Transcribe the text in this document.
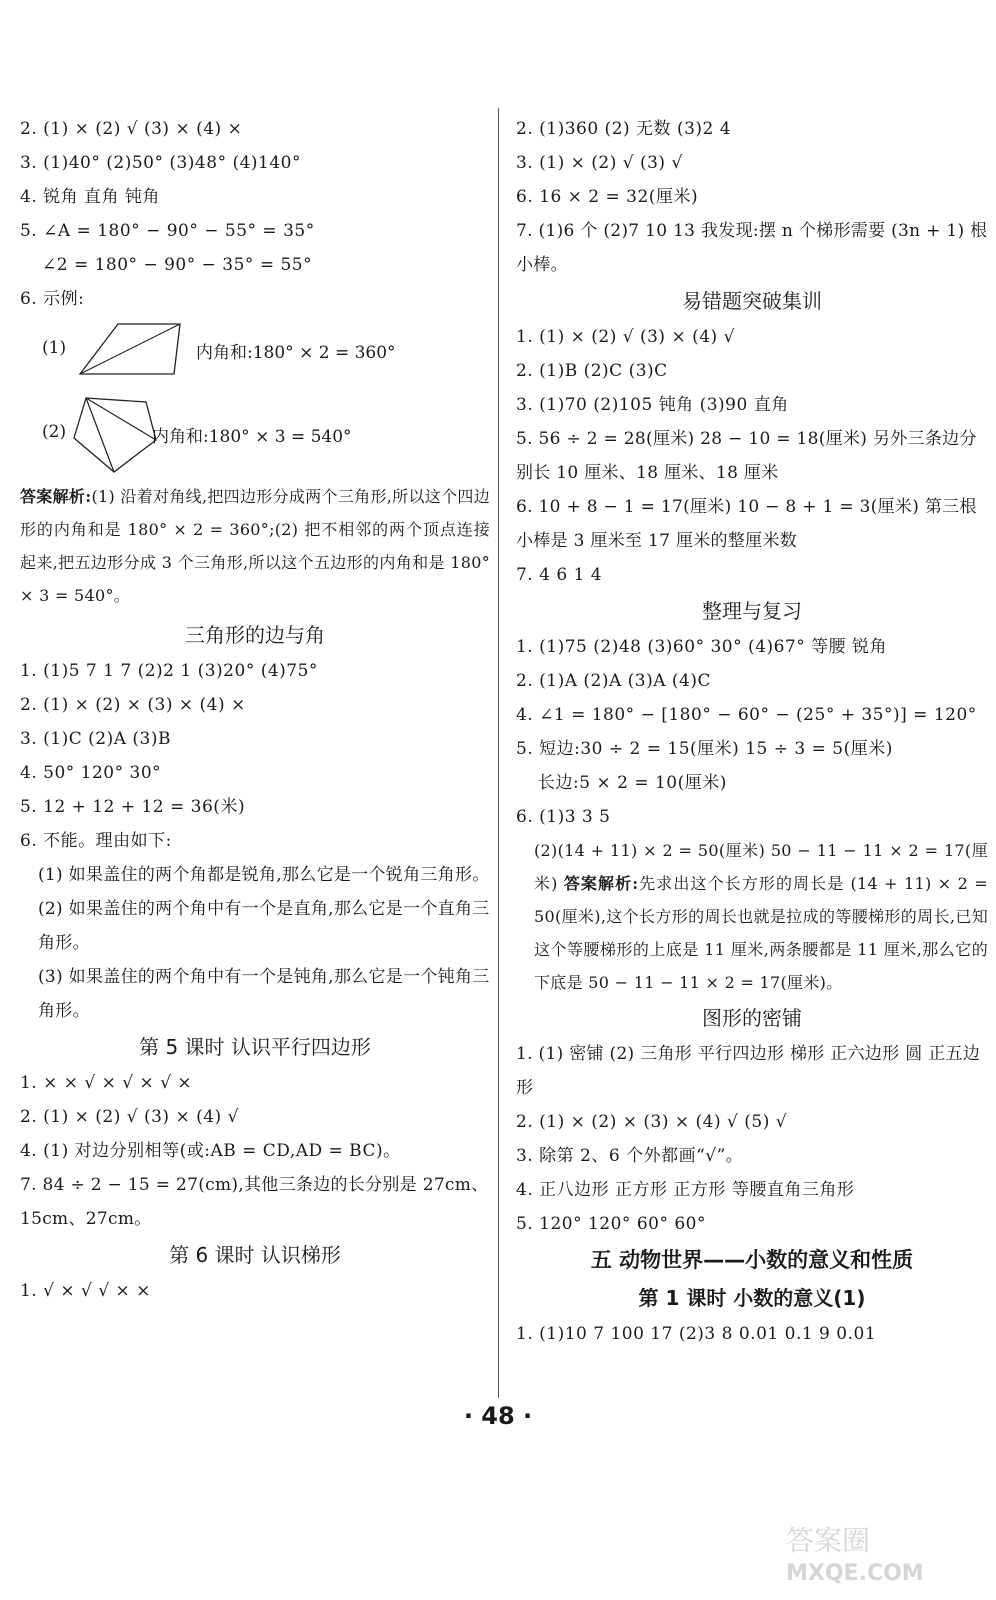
2. (1) × (2) √ (3) × (4) ×
3. (1)40° (2)50° (3)48° (4)140°
4. 锐角 直角 钝角
5. ∠A = 180° − 90° − 55° = 35°
∠2 = 180° − 90° − 35° = 55°
6. 示例:
(1)	内角和:180° × 2 = 360°
(2)	内角和:180° × 3 = 540°
答案解析:(1) 沿着对角线,把四边形分成两个三角形,所以这个四边形的内角和是 180° × 2 = 360°;(2) 把不相邻的两个顶点连接起来,把五边形分成 3 个三角形,所以这个五边形的内角和是 180° × 3 = 540°。
三角形的边与角
1. (1)5 7 1 7 (2)2 1 (3)20° (4)75°
2. (1) × (2) × (3) × (4) ×
3. (1)C (2)A (3)B
4. 50° 120° 30°
5. 12 + 12 + 12 = 36(米)
6. 不能。理由如下:
(1) 如果盖住的两个角都是锐角,那么它是一个锐角三角形。
(2) 如果盖住的两个角中有一个是直角,那么它是一个直角三角形。
(3) 如果盖住的两个角中有一个是钝角,那么它是一个钝角三角形。
第 5 课时 认识平行四边形
1. × × √ × √ × √ ×
2. (1) × (2) √ (3) × (4) √
4. (1) 对边分别相等(或:AB = CD,AD = BC)。
7. 84 ÷ 2 − 15 = 27(cm),其他三条边的长分别是 27cm、15cm、27cm。
第 6 课时 认识梯形
1. √ × √ √ × ×
2. (1)360 (2) 无数 (3)2 4
3. (1) × (2) √ (3) √
6. 16 × 2 = 32(厘米)
7. (1)6 个 (2)7 10 13 我发现:摆 n 个梯形需要 (3n + 1) 根小棒。
易错题突破集训
1. (1) × (2) √ (3) × (4) √
2. (1)B (2)C (3)C
3. (1)70 (2)105 钝角 (3)90 直角
5. 56 ÷ 2 = 28(厘米) 28 − 10 = 18(厘米) 另外三条边分别长 10 厘米、18 厘米、18 厘米
6. 10 + 8 − 1 = 17(厘米) 10 − 8 + 1 = 3(厘米) 第三根小棒是 3 厘米至 17 厘米的整厘米数
7. 4 6 1 4
整理与复习
1. (1)75 (2)48 (3)60° 30° (4)67° 等腰 锐角
2. (1)A (2)A (3)A (4)C
4. ∠1 = 180° − [180° − 60° − (25° + 35°)] = 120°
5. 短边:30 ÷ 2 = 15(厘米) 15 ÷ 3 = 5(厘米)
长边:5 × 2 = 10(厘米)
6. (1)3 3 5
(2)(14 + 11) × 2 = 50(厘米) 50 − 11 − 11 × 2 = 17(厘米) 答案解析:先求出这个长方形的周长是 (14 + 11) × 2 = 50(厘米),这个长方形的周长也就是拉成的等腰梯形的周长,已知这个等腰梯形的上底是 11 厘米,两条腰都是 11 厘米,那么它的下底是 50 − 11 − 11 × 2 = 17(厘米)。
图形的密铺
1. (1) 密铺 (2) 三角形 平行四边形 梯形 正六边形 圆 正五边形
2. (1) × (2) × (3) × (4) √ (5) √
3. 除第 2、6 个外都画“√”。
4. 正八边形 正方形 正方形 等腰直角三角形
5. 120° 120° 60° 60°
五 动物世界——小数的意义和性质
第 1 课时 小数的意义(1)
1. (1)10 7 100 17 (2)3 8 0.01 0.1 9 0.01
· 48 ·
答案圈
MXQE.COM
